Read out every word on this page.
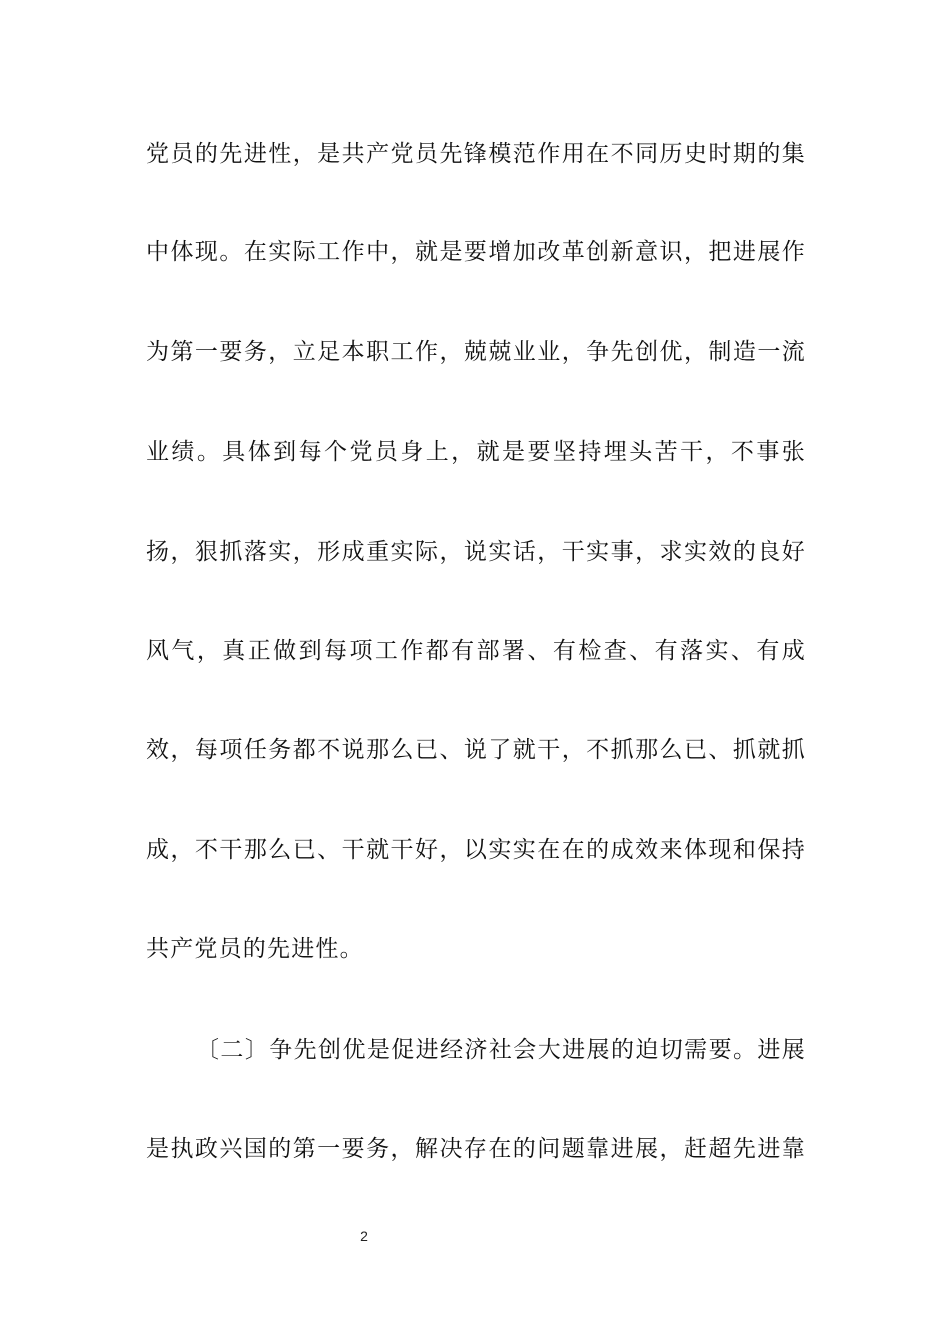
党员的先进性，是共产党员先锋模范作用在不同历史时期的集
中体现。在实际工作中，就是要增加改革创新意识，把进展作
为第一要务，立足本职工作，兢兢业业，争先创优，制造一流
业绩。具体到每个党员身上，就是要坚持埋头苦干，不事张
扬，狠抓落实，形成重实际，说实话，干实事，求实效的良好
风气，真正做到每项工作都有部署、有检查、有落实、有成
效，每项任务都不说那么已、说了就干，不抓那么已、抓就抓
成，不干那么已、干就干好，以实实在在的成效来体现和保持
共产党员的先进性。
〔二〕争先创优是促进经济社会大进展的迫切需要。进展
是执政兴国的第一要务，解决存在的问题靠进展，赶超先进靠
2
